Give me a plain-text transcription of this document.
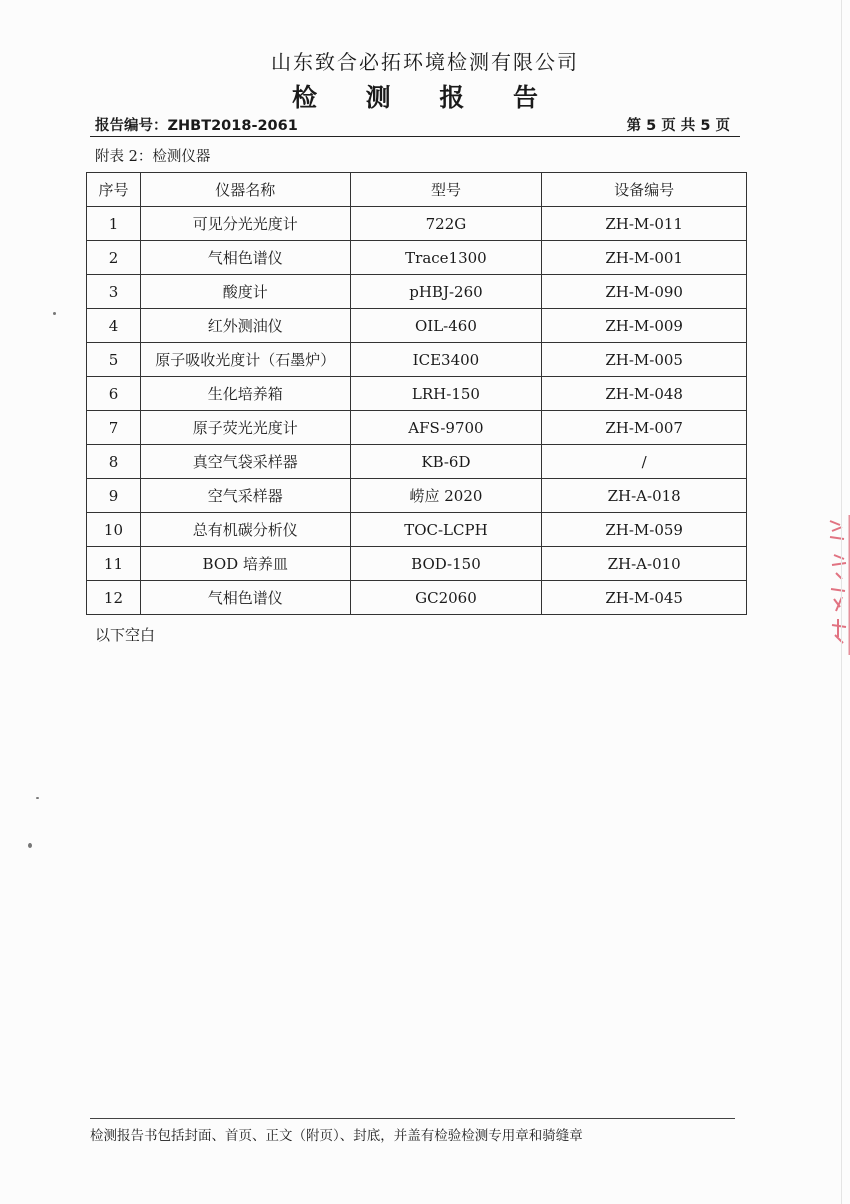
山东致合必拓环境检测有限公司
检 测 报 告
报告编号：ZHBT2018-2061	第 5 页 共 5 页
附表 2：检测仪器
序号	仪器名称	型号	设备编号
1	可见分光光度计	722G	ZH-M-011
2	气相色谱仪	Trace1300	ZH-M-001
3	酸度计	pHBJ-260	ZH-M-090
4	红外测油仪	OIL-460	ZH-M-009
5	原子吸收光度计（石墨炉）	ICE3400	ZH-M-005
6	生化培养箱	LRH-150	ZH-M-048
7	原子荧光光度计	AFS-9700	ZH-M-007
8	真空气袋采样器	KB-6D	/
9	空气采样器	崂应 2020	ZH-A-018
10	总有机碳分析仪	TOC-LCPH	ZH-M-059
11	BOD 培养皿	BOD-150	ZH-A-010
12	气相色谱仪	GC2060	ZH-M-045
以下空白
检测报告书包括封面、首页、正文（附页）、封底，并盖有检验检测专用章和骑缝章
